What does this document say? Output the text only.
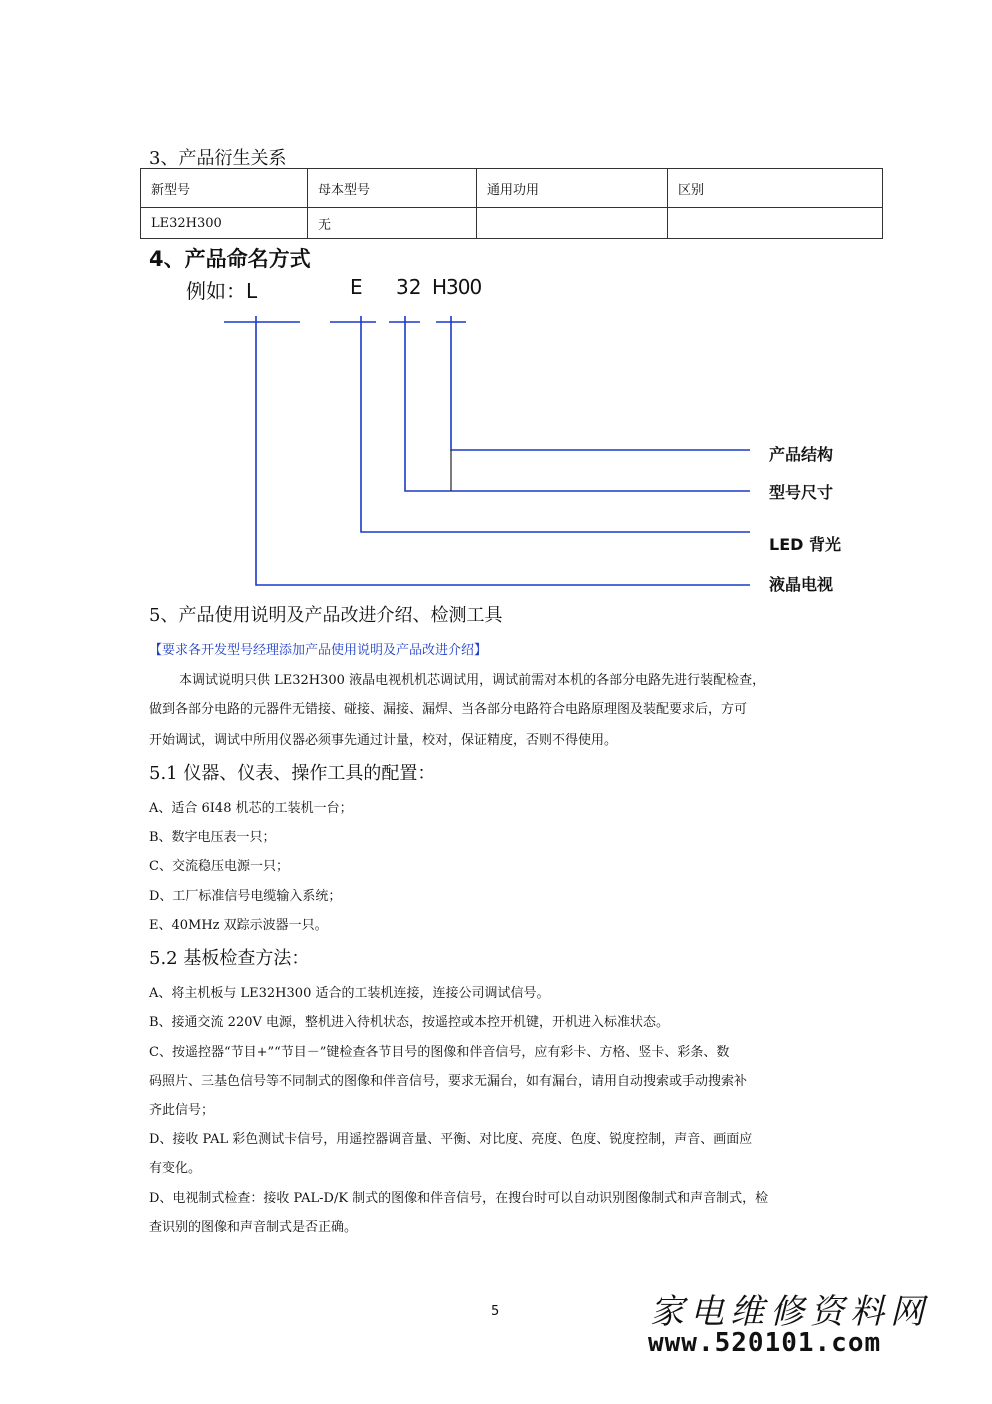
3、产品衍生关系
新型号	母本型号	通用功用	区别
LE32H300	无		
4、产品命名方式
例如：L	E 32 H300
产品结构
型号尺寸
LED 背光
液晶电视
5、产品使用说明及产品改进介绍、检测工具
【要求各开发型号经理添加产品使用说明及产品改进介绍】
本调试说明只供 LE32H300 液晶电视机机芯调试用，调试前需对本机的各部分电路先进行装配检查，
做到各部分电路的元器件无错接、碰接、漏接、漏焊、当各部分电路符合电路原理图及装配要求后，方可
开始调试，调试中所用仪器必须事先通过计量，校对，保证精度，否则不得使用。
5.1 仪器、仪表、操作工具的配置：
A、适合 6I48 机芯的工装机一台；
B、数字电压表一只；
C、交流稳压电源一只；
D、工厂标准信号电缆输入系统；
E、40MHz 双踪示波器一只。
5.2 基板检查方法：
A、将主机板与 LE32H300 适合的工装机连接，连接公司调试信号。
B、接通交流 220V 电源，整机进入待机状态，按遥控或本控开机键，开机进入标准状态。
C、按遥控器“节目+”“节目－”键检查各节目号的图像和伴音信号，应有彩卡、方格、竖卡、彩条、数
码照片、三基色信号等不同制式的图像和伴音信号，要求无漏台，如有漏台，请用自动搜索或手动搜索补
齐此信号；
D、接收 PAL 彩色测试卡信号，用遥控器调音量、平衡、对比度、亮度、色度、锐度控制，声音、画面应
有变化。
D、电视制式检查：接收 PAL-D/K 制式的图像和伴音信号，在搜台时可以自动识别图像制式和声音制式，检
查识别的图像和声音制式是否正确。
5	家电维修资料网
www.520101.com
